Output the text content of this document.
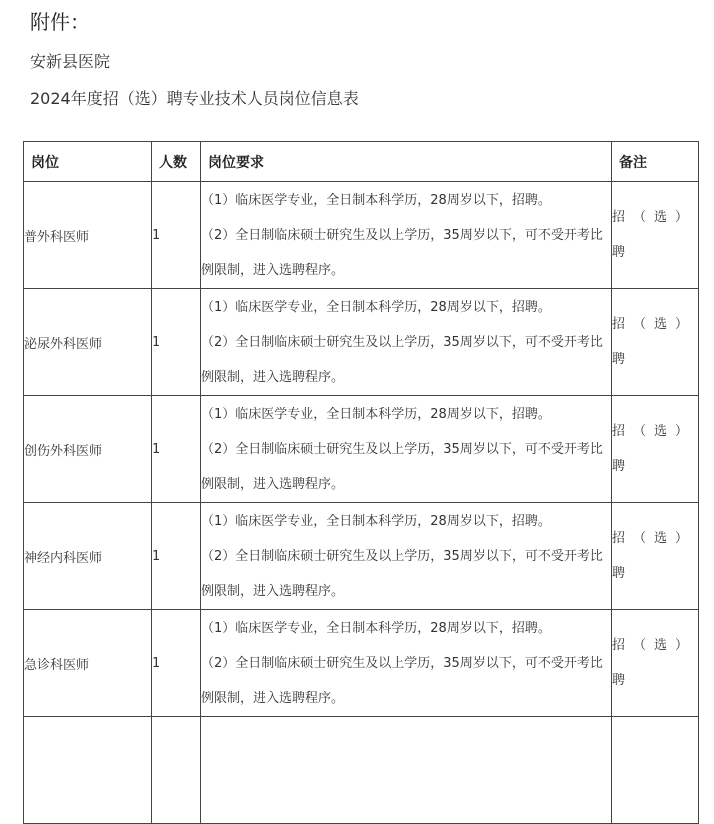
附件：
安新县医院
2024年度招（选）聘专业技术人员岗位信息表
岗位	人数	岗位要求	备注
普外科医师	1	（1）临床医学专业，全日制本科学历，28周岁以下，招聘。
（2）全日制临床硕士研究生及以上学历，35周岁以下，可不受开考比例限制，进入选聘程序。	招（选）聘
泌尿外科医师	1	（1）临床医学专业，全日制本科学历，28周岁以下，招聘。
（2）全日制临床硕士研究生及以上学历，35周岁以下，可不受开考比例限制，进入选聘程序。	招（选）聘
创伤外科医师	1	（1）临床医学专业，全日制本科学历，28周岁以下，招聘。
（2）全日制临床硕士研究生及以上学历，35周岁以下，可不受开考比例限制，进入选聘程序。	招（选）聘
神经内科医师	1	（1）临床医学专业，全日制本科学历，28周岁以下，招聘。
（2）全日制临床硕士研究生及以上学历，35周岁以下，可不受开考比例限制，进入选聘程序。	招（选）聘
急诊科医师	1	（1）临床医学专业，全日制本科学历，28周岁以下，招聘。
（2）全日制临床硕士研究生及以上学历，35周岁以下，可不受开考比例限制，进入选聘程序。	招（选）聘
